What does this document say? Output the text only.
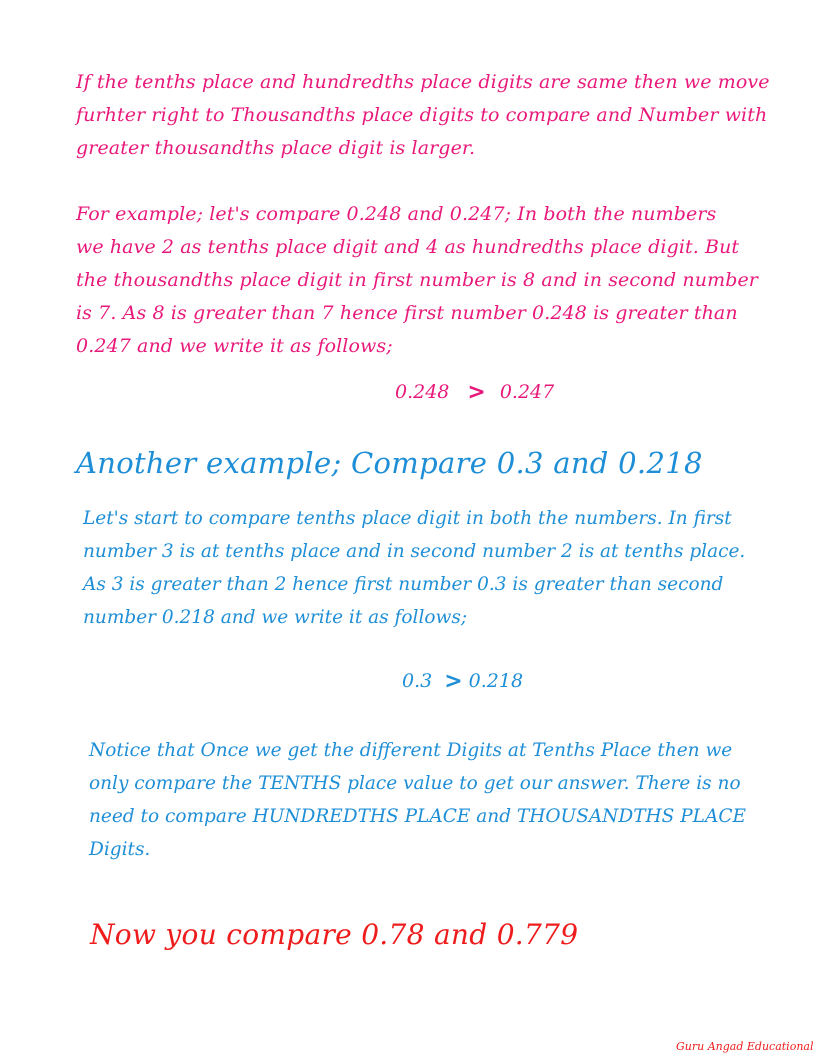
If the tenths place and hundredths place digits are same then we move

furhter right to Thousandths place digits to compare and Number with

greater thousandths place digit is larger.

For example; let's compare 0.248 and 0.247; In both the numbers

we have 2 as tenths place digit and 4 as hundredths place digit. But

the thousandths place digit in first number is 8 and in second number

is 7. As 8 is greater than 7 hence first number 0.248 is greater than

0.247 and we write it as follows;

0.248 > 0.247
Another example; Compare 0.3 and 0.218

Let's start to compare tenths place digit in both the numbers. In first

number 3 is at tenths place and in second number 2 is at tenths place.

As 3 is greater than 2 hence first number 0.3 is greater than second

number 0.218 and we write it as follows;

0.3 > 0.218

Notice that Once we get the different Digits at Tenths Place then we

only compare the TENTHS place value to get our answer. There is no

need to compare HUNDREDTHS PLACE and THOUSANDTHS PLACE

Digits.

Now you compare 0.78 and 0.779
Guru Angad Educational
